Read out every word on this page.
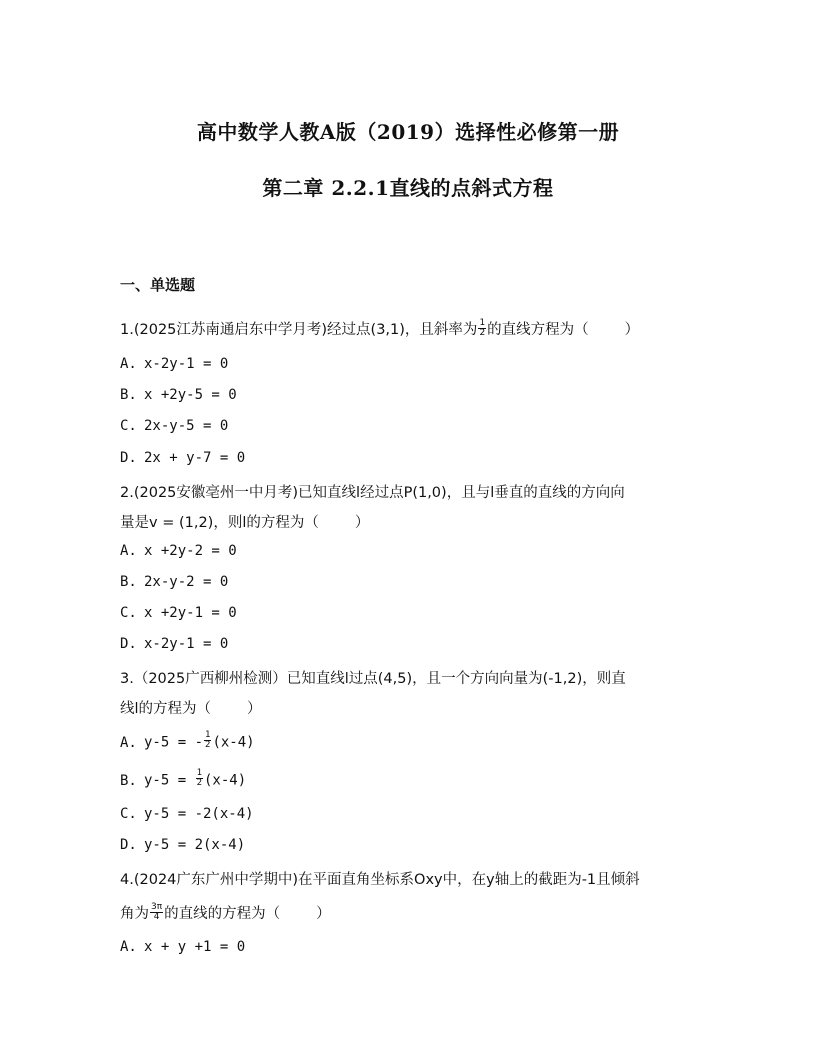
高中数学人教A版（2019）选择性必修第一册
第二章 2.2.1直线的点斜式方程
一、单选题
1.(2025江苏南通启东中学月考)经过点(3,1)，且斜率为 $\frac{1}{2}$ 的直线方程为（ ）
A. x-2y-1 = 0
B. x +2y-5 = 0
C. 2x-y-5 = 0
D. 2x + y-7 = 0
2.(2025安徽亳州一中月考)已知直线l经过点P(1,0)，且与l垂直的直线的方向向
量是v = (1,2)，则l的方程为（ ）
A. x +2y-2 = 0
B. 2x-y-2 = 0
C. x +2y-1 = 0
D. x-2y-1 = 0
3.（2025广西柳州检测）已知直线l过点(4,5)，且一个方向向量为(-1,2)，则直
线l的方程为（ ）
A. y-5 = - $\frac{1}{2} (x-4)$
B. $y-5 = \frac{1}{2} (x-4)$
C. y-5 = -2(x-4)
D. y-5 = 2(x-4)
4.(2024广东广州中学期中)在平面直角坐标系Oxy中，在y轴上的截距为-1且倾斜
角为 $\frac{3\pi}{4}$ 的直线的方程为（ ）
A. x + y +1 = 0
